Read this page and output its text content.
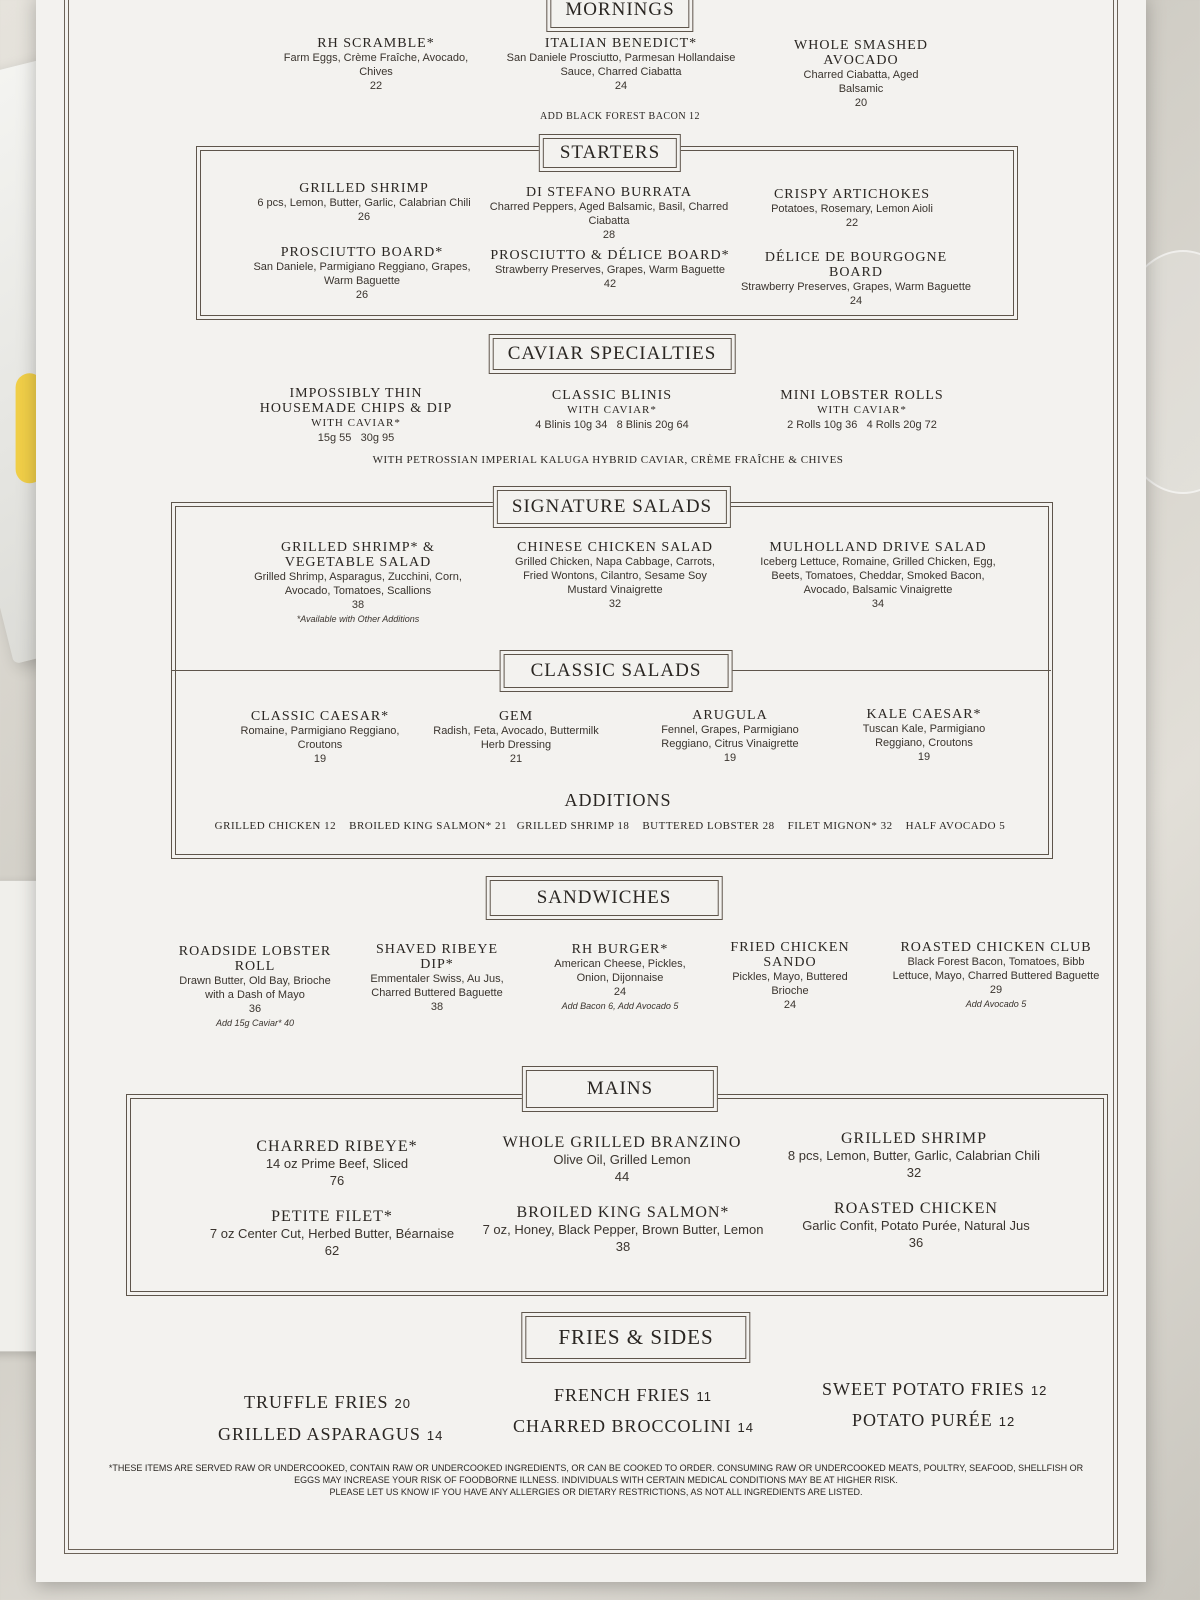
MORNINGS
RH SCRAMBLE*
Farm Eggs, Crème Fraîche, Avocado, Chives
22
ITALIAN BENEDICT*
San Daniele Prosciutto, Parmesan Hollandaise Sauce, Charred Ciabatta
24
WHOLE SMASHED AVOCADO
Charred Ciabatta, Aged Balsamic
20
ADD BLACK FOREST BACON 12
STARTERS
GRILLED SHRIMP
6 pcs, Lemon, Butter, Garlic, Calabrian Chili
26
DI STEFANO BURRATA
Charred Peppers, Aged Balsamic, Basil, Charred Ciabatta
28
CRISPY ARTICHOKES
Potatoes, Rosemary, Lemon Aioli
22
PROSCIUTTO BOARD*
San Daniele, Parmigiano Reggiano, Grapes, Warm Baguette
26
PROSCIUTTO & DÉLICE BOARD*
Strawberry Preserves, Grapes, Warm Baguette
42
DÉLICE DE BOURGOGNE BOARD
Strawberry Preserves, Grapes, Warm Baguette
24
CAVIAR SPECIALTIES
IMPOSSIBLY THIN HOUSEMADE CHIPS & DIP
WITH CAVIAR*
15g 55   30g 95
CLASSIC BLINIS
WITH CAVIAR*
4 Blinis 10g 34   8 Blinis 20g 64
MINI LOBSTER ROLLS
WITH CAVIAR*
2 Rolls 10g 36   4 Rolls 20g 72
WITH PETROSSIAN IMPERIAL KALUGA HYBRID CAVIAR, CRÈME FRAÎCHE & CHIVES
SIGNATURE SALADS
GRILLED SHRIMP* & VEGETABLE SALAD
Grilled Shrimp, Asparagus, Zucchini, Corn, Avocado, Tomatoes, Scallions
38
*Available with Other Additions
CHINESE CHICKEN SALAD
Grilled Chicken, Napa Cabbage, Carrots, Fried Wontons, Cilantro, Sesame Soy Mustard Vinaigrette
32
MULHOLLAND DRIVE SALAD
Iceberg Lettuce, Romaine, Grilled Chicken, Egg, Beets, Tomatoes, Cheddar, Smoked Bacon, Avocado, Balsamic Vinaigrette
34
CLASSIC SALADS
CLASSIC CAESAR*
Romaine, Parmigiano Reggiano, Croutons
19
GEM
Radish, Feta, Avocado, Buttermilk Herb Dressing
21
ARUGULA
Fennel, Grapes, Parmigiano Reggiano, Citrus Vinaigrette
19
KALE CAESAR*
Tuscan Kale, Parmigiano Reggiano, Croutons
19
ADDITIONS
GRILLED CHICKEN 12    BROILED KING SALMON* 21   GRILLED SHRIMP 18    BUTTERED LOBSTER 28    FILET MIGNON* 32    HALF AVOCADO 5
SANDWICHES
ROADSIDE LOBSTER ROLL
Drawn Butter, Old Bay, Brioche with a Dash of Mayo
36
Add 15g Caviar* 40
SHAVED RIBEYE DIP*
Emmentaler Swiss, Au Jus, Charred Buttered Baguette
38
RH BURGER*
American Cheese, Pickles, Onion, Dijonnaise
24
Add Bacon 6, Add Avocado 5
FRIED CHICKEN SANDO
Pickles, Mayo, Buttered Brioche
24
ROASTED CHICKEN CLUB
Black Forest Bacon, Tomatoes, Bibb Lettuce, Mayo, Charred Buttered Baguette
29
Add Avocado 5
MAINS
CHARRED RIBEYE*
14 oz Prime Beef, Sliced
76
WHOLE GRILLED BRANZINO
Olive Oil, Grilled Lemon
44
GRILLED SHRIMP
8 pcs, Lemon, Butter, Garlic, Calabrian Chili
32
PETITE FILET*
7 oz Center Cut, Herbed Butter, Béarnaise
62
BROILED KING SALMON*
7 oz, Honey, Black Pepper, Brown Butter, Lemon
38
ROASTED CHICKEN
Garlic Confit, Potato Purée, Natural Jus
36
FRIES & SIDES
TRUFFLE FRIES 20	FRENCH FRIES 11	SWEET POTATO FRIES 12
GRILLED ASPARAGUS 14	CHARRED BROCCOLINI 14	POTATO PURÉE 12
*THESE ITEMS ARE SERVED RAW OR UNDERCOOKED, CONTAIN RAW OR UNDERCOOKED INGREDIENTS, OR CAN BE COOKED TO ORDER. CONSUMING RAW OR UNDERCOOKED MEATS, POULTRY, SEAFOOD, SHELLFISH OR
EGGS MAY INCREASE YOUR RISK OF FOODBORNE ILLNESS. INDIVIDUALS WITH CERTAIN MEDICAL CONDITIONS MAY BE AT HIGHER RISK.
PLEASE LET US KNOW IF YOU HAVE ANY ALLERGIES OR DIETARY RESTRICTIONS, AS NOT ALL INGREDIENTS ARE LISTED.
